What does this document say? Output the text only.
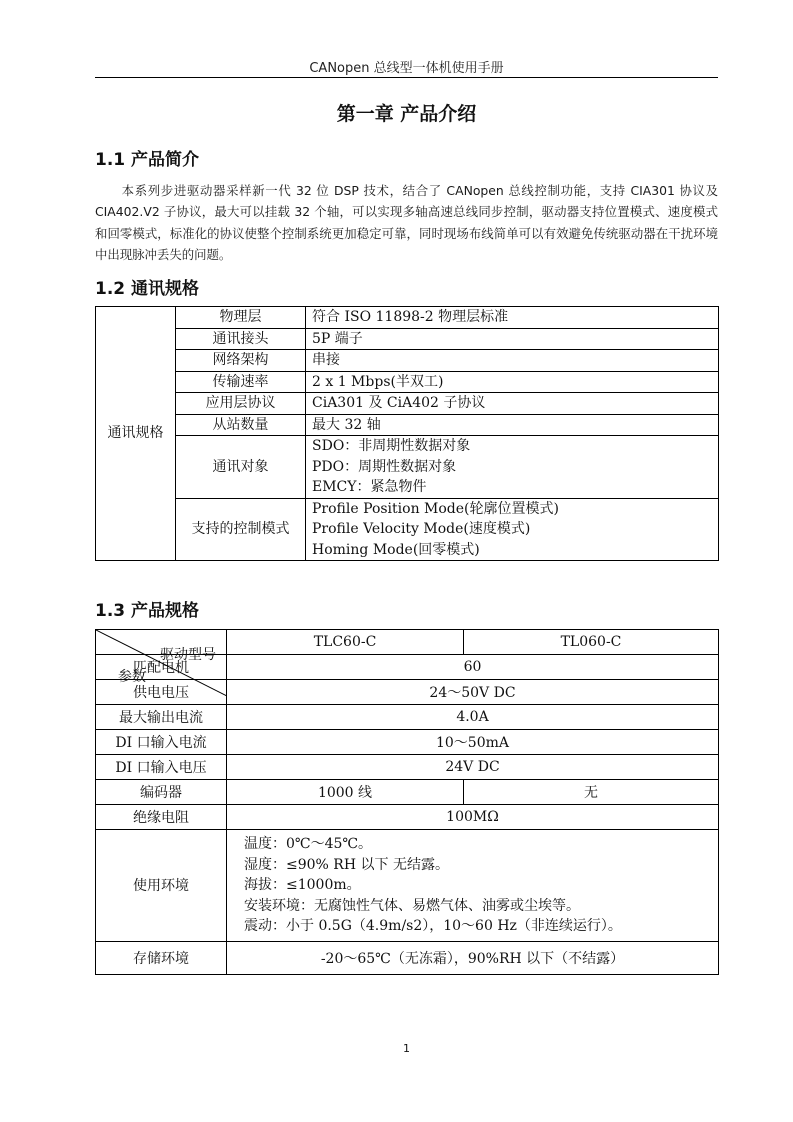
CANopen 总线型一体机使用手册
第一章 产品介绍
1.1 产品简介
本系列步进驱动器采样新一代 32 位 DSP 技术，结合了 CANopen 总线控制功能，支持 CIA301 协议及 CIA402.V2 子协议，最大可以挂载 32 个轴，可以实现多轴高速总线同步控制，驱动器支持位置模式、速度模式和回零模式，标准化的协议使整个控制系统更加稳定可靠，同时现场布线简单可以有效避免传统驱动器在干扰环境中出现脉冲丢失的问题。
1.2 通讯规格
通讯规格	物理层	符合 ISO 11898-2 物理层标准
	通讯接头	5P 端子
	网络架构	串接
	传输速率	2 x 1 Mbps(半双工)
	应用层协议	CiA301 及 CiA402 子协议
	从站数量	最大 32 轴
	通讯对象	SDO：非周期性数据对象
PDO：周期性数据对象
EMCY：紧急物件

	支持的控制模式	Profile Position Mode(轮廓位置模式)
Profile Velocity Mode(速度模式)
Homing Mode(回零模式)
1.3 产品规格
驱动型号
参数	TLC60-C	TL060-C
匹配电机	60	
供电电压	24～50V DC	
最大输出电流	4.0A	
DI 口输入电流	10～50mA	
DI 口输入电压	24V DC	
编码器	1000 线	无
绝缘电阻	100MΩ	
使用环境	温度：0℃～45℃。
湿度：≤90% RH 以下 无结露。
海拔：≤1000m。
安装环境：无腐蚀性气体、易燃气体、油雾或尘埃等。
震动：小于 0.5G（4.9m/s2），10～60 Hz（非连续运行）。	

存储环境	-20～65℃（无冻霜），90%RH 以下（不结露）	
1
